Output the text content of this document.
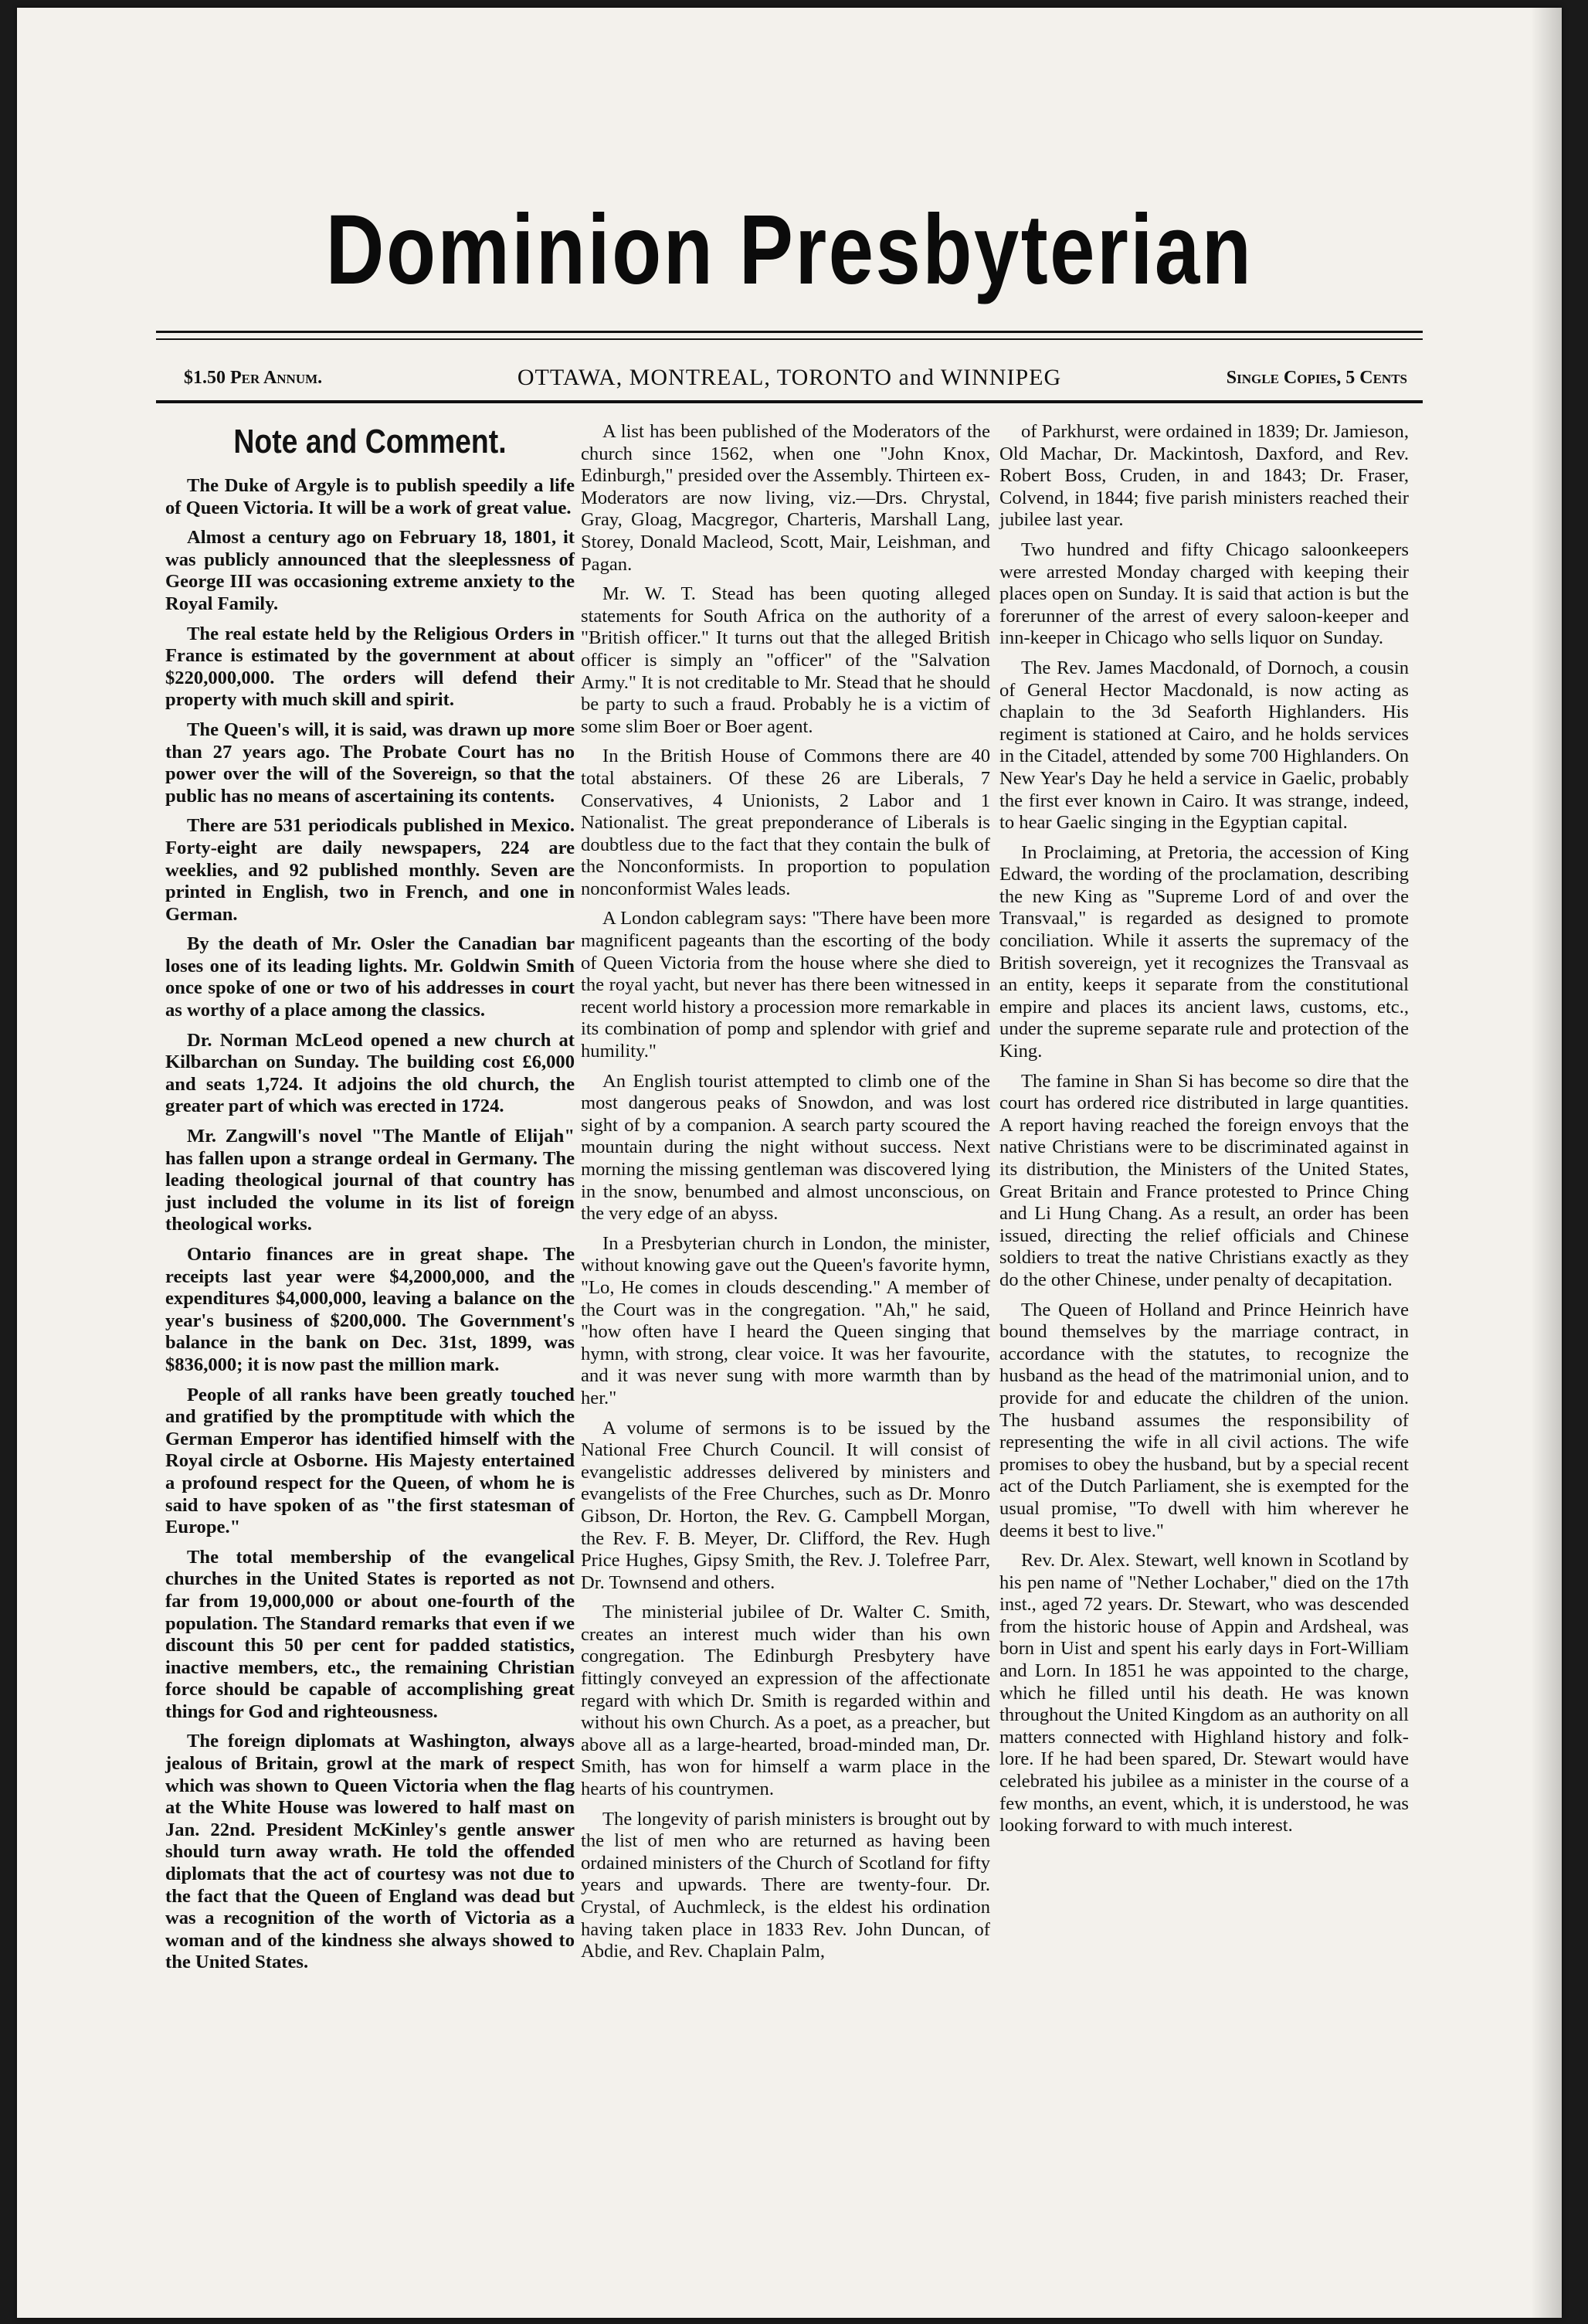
Dominion Presbyterian
$1.50 Per Annum.	OTTAWA, MONTREAL, TORONTO and WINNIPEG	Single Copies, 5 Cents
Note and Comment.

The Duke of Argyle is to publish speedily a life of Queen Victoria. It will be a work of great value.

Almost a century ago on February 18, 1801, it was publicly announced that the sleeplessness of George III was occasioning extreme anxiety to the Royal Family.

The real estate held by the Religious Orders in France is estimated by the government at about $220,000,000. The orders will defend their property with much skill and spirit.

The Queen's will, it is said, was drawn up more than 27 years ago. The Probate Court has no power over the will of the Sovereign, so that the public has no means of ascertaining its contents.

There are 531 periodicals published in Mexico. Forty-eight are daily newspapers, 224 are weeklies, and 92 published monthly. Seven are printed in English, two in French, and one in German.

By the death of Mr. Osler the Canadian bar loses one of its leading lights. Mr. Goldwin Smith once spoke of one or two of his addresses in court as worthy of a place among the classics.

Dr. Norman McLeod opened a new church at Kilbarchan on Sunday. The building cost £6,000 and seats 1,724. It adjoins the old church, the greater part of which was erected in 1724.

Mr. Zangwill's novel "The Mantle of Elijah" has fallen upon a strange ordeal in Germany. The leading theological journal of that country has just included the volume in its list of foreign theological works.

Ontario finances are in great shape. The receipts last year were $4,2000,000, and the expenditures $4,000,000, leaving a balance on the year's business of $200,000. The Government's balance in the bank on Dec. 31st, 1899, was $836,000; it is now past the million mark.

People of all ranks have been greatly touched and gratified by the promptitude with which the German Emperor has identified himself with the Royal circle at Osborne. His Majesty entertained a profound respect for the Queen, of whom he is said to have spoken of as "the first statesman of Europe."

The total membership of the evangelical churches in the United States is reported as not far from 19,000,000 or about one-fourth of the population. The Standard remarks that even if we discount this 50 per cent for padded statistics, inactive members, etc., the remaining Christian force should be capable of accomplishing great things for God and righteousness.

The foreign diplomats at Washington, always jealous of Britain, growl at the mark of respect which was shown to Queen Victoria when the flag at the White House was lowered to half mast on Jan. 22nd. President McKinley's gentle answer should turn away wrath. He told the offended diplomats that the act of courtesy was not due to the fact that the Queen of England was dead but was a recognition of the worth of Victoria as a woman and of the kindness she always showed to the United States.

A list has been published of the Moderators of the church since 1562, when one "John Knox, Edinburgh," presided over the Assembly. Thirteen ex-Moderators are now living, viz.—Drs. Chrystal, Gray, Gloag, Macgregor, Charteris, Marshall Lang, Storey, Donald Macleod, Scott, Mair, Leishman, and Pagan.

Mr. W. T. Stead has been quoting alleged statements for South Africa on the authority of a "British officer." It turns out that the alleged British officer is simply an "officer" of the "Salvation Army." It is not creditable to Mr. Stead that he should be party to such a fraud. Probably he is a victim of some slim Boer or Boer agent.

In the British House of Commons there are 40 total abstainers. Of these 26 are Liberals, 7 Conservatives, 4 Unionists, 2 Labor and 1 Nationalist. The great preponderance of Liberals is doubtless due to the fact that they contain the bulk of the Nonconformists. In proportion to population nonconformist Wales leads.

A London cablegram says: "There have been more magnificent pageants than the escorting of the body of Queen Victoria from the house where she died to the royal yacht, but never has there been witnessed in recent world history a procession more remarkable in its combination of pomp and splendor with grief and humility."

An English tourist attempted to climb one of the most dangerous peaks of Snowdon, and was lost sight of by a companion. A search party scoured the mountain during the night without success. Next morning the missing gentleman was discovered lying in the snow, benumbed and almost unconscious, on the very edge of an abyss.

In a Presbyterian church in London, the minister, without knowing gave out the Queen's favorite hymn, "Lo, He comes in clouds descending." A member of the Court was in the congregation. "Ah," he said, "how often have I heard the Queen singing that hymn, with strong, clear voice. It was her favourite, and it was never sung with more warmth than by her."

A volume of sermons is to be issued by the National Free Church Council. It will consist of evangelistic addresses delivered by ministers and evangelists of the Free Churches, such as Dr. Monro Gibson, Dr. Horton, the Rev. G. Campbell Morgan, the Rev. F. B. Meyer, Dr. Clifford, the Rev. Hugh Price Hughes, Gipsy Smith, the Rev. J. Tolefree Parr, Dr. Townsend and others.

The ministerial jubilee of Dr. Walter C. Smith, creates an interest much wider than his own congregation. The Edinburgh Presbytery have fittingly conveyed an expression of the affectionate regard with which Dr. Smith is regarded within and without his own Church. As a poet, as a preacher, but above all as a large-hearted, broad-minded man, Dr. Smith, has won for himself a warm place in the hearts of his countrymen.

The longevity of parish ministers is brought out by the list of men who are returned as having been ordained ministers of the Church of Scotland for fifty years and upwards. There are twenty-four. Dr. Crystal, of Auchmleck, is the eldest his ordination having taken place in 1833 Rev. John Duncan, of Abdie, and Rev. Chaplain Palm,

of Parkhurst, were ordained in 1839; Dr. Jamieson, Old Machar, Dr. Mackintosh, Daxford, and Rev. Robert Boss, Cruden, in and 1843; Dr. Fraser, Colvend, in 1844; five parish ministers reached their jubilee last year.

Two hundred and fifty Chicago saloonkeepers were arrested Monday charged with keeping their places open on Sunday. It is said that action is but the forerunner of the arrest of every saloon-keeper and inn-keeper in Chicago who sells liquor on Sunday.

The Rev. James Macdonald, of Dornoch, a cousin of General Hector Macdonald, is now acting as chaplain to the 3d Seaforth Highlanders. His regiment is stationed at Cairo, and he holds services in the Citadel, attended by some 700 Highlanders. On New Year's Day he held a service in Gaelic, probably the first ever known in Cairo. It was strange, indeed, to hear Gaelic singing in the Egyptian capital.

In Proclaiming, at Pretoria, the accession of King Edward, the wording of the proclamation, describing the new King as "Supreme Lord of and over the Transvaal," is regarded as designed to promote conciliation. While it asserts the supremacy of the British sovereign, yet it recognizes the Transvaal as an entity, keeps it separate from the constitutional empire and places its ancient laws, customs, etc., under the supreme separate rule and protection of the King.

The famine in Shan Si has become so dire that the court has ordered rice distributed in large quantities. A report having reached the foreign envoys that the native Christians were to be discriminated against in its distribution, the Ministers of the United States, Great Britain and France protested to Prince Ching and Li Hung Chang. As a result, an order has been issued, directing the relief officials and Chinese soldiers to treat the native Christians exactly as they do the other Chinese, under penalty of decapitation.

The Queen of Holland and Prince Heinrich have bound themselves by the marriage contract, in accordance with the statutes, to recognize the husband as the head of the matrimonial union, and to provide for and educate the children of the union. The husband assumes the responsibility of representing the wife in all civil actions. The wife promises to obey the husband, but by a special recent act of the Dutch Parliament, she is exempted for the usual promise, "To dwell with him wherever he deems it best to live."

Rev. Dr. Alex. Stewart, well known in Scotland by his pen name of "Nether Lochaber," died on the 17th inst., aged 72 years. Dr. Stewart, who was descended from the historic house of Appin and Ardsheal, was born in Uist and spent his early days in Fort-William and Lorn. In 1851 he was appointed to the charge, which he filled until his death. He was known throughout the United Kingdom as an authority on all matters connected with Highland history and folk-lore. If he had been spared, Dr. Stewart would have celebrated his jubilee as a minister in the course of a few months, an event, which, it is understood, he was looking forward to with much interest.
